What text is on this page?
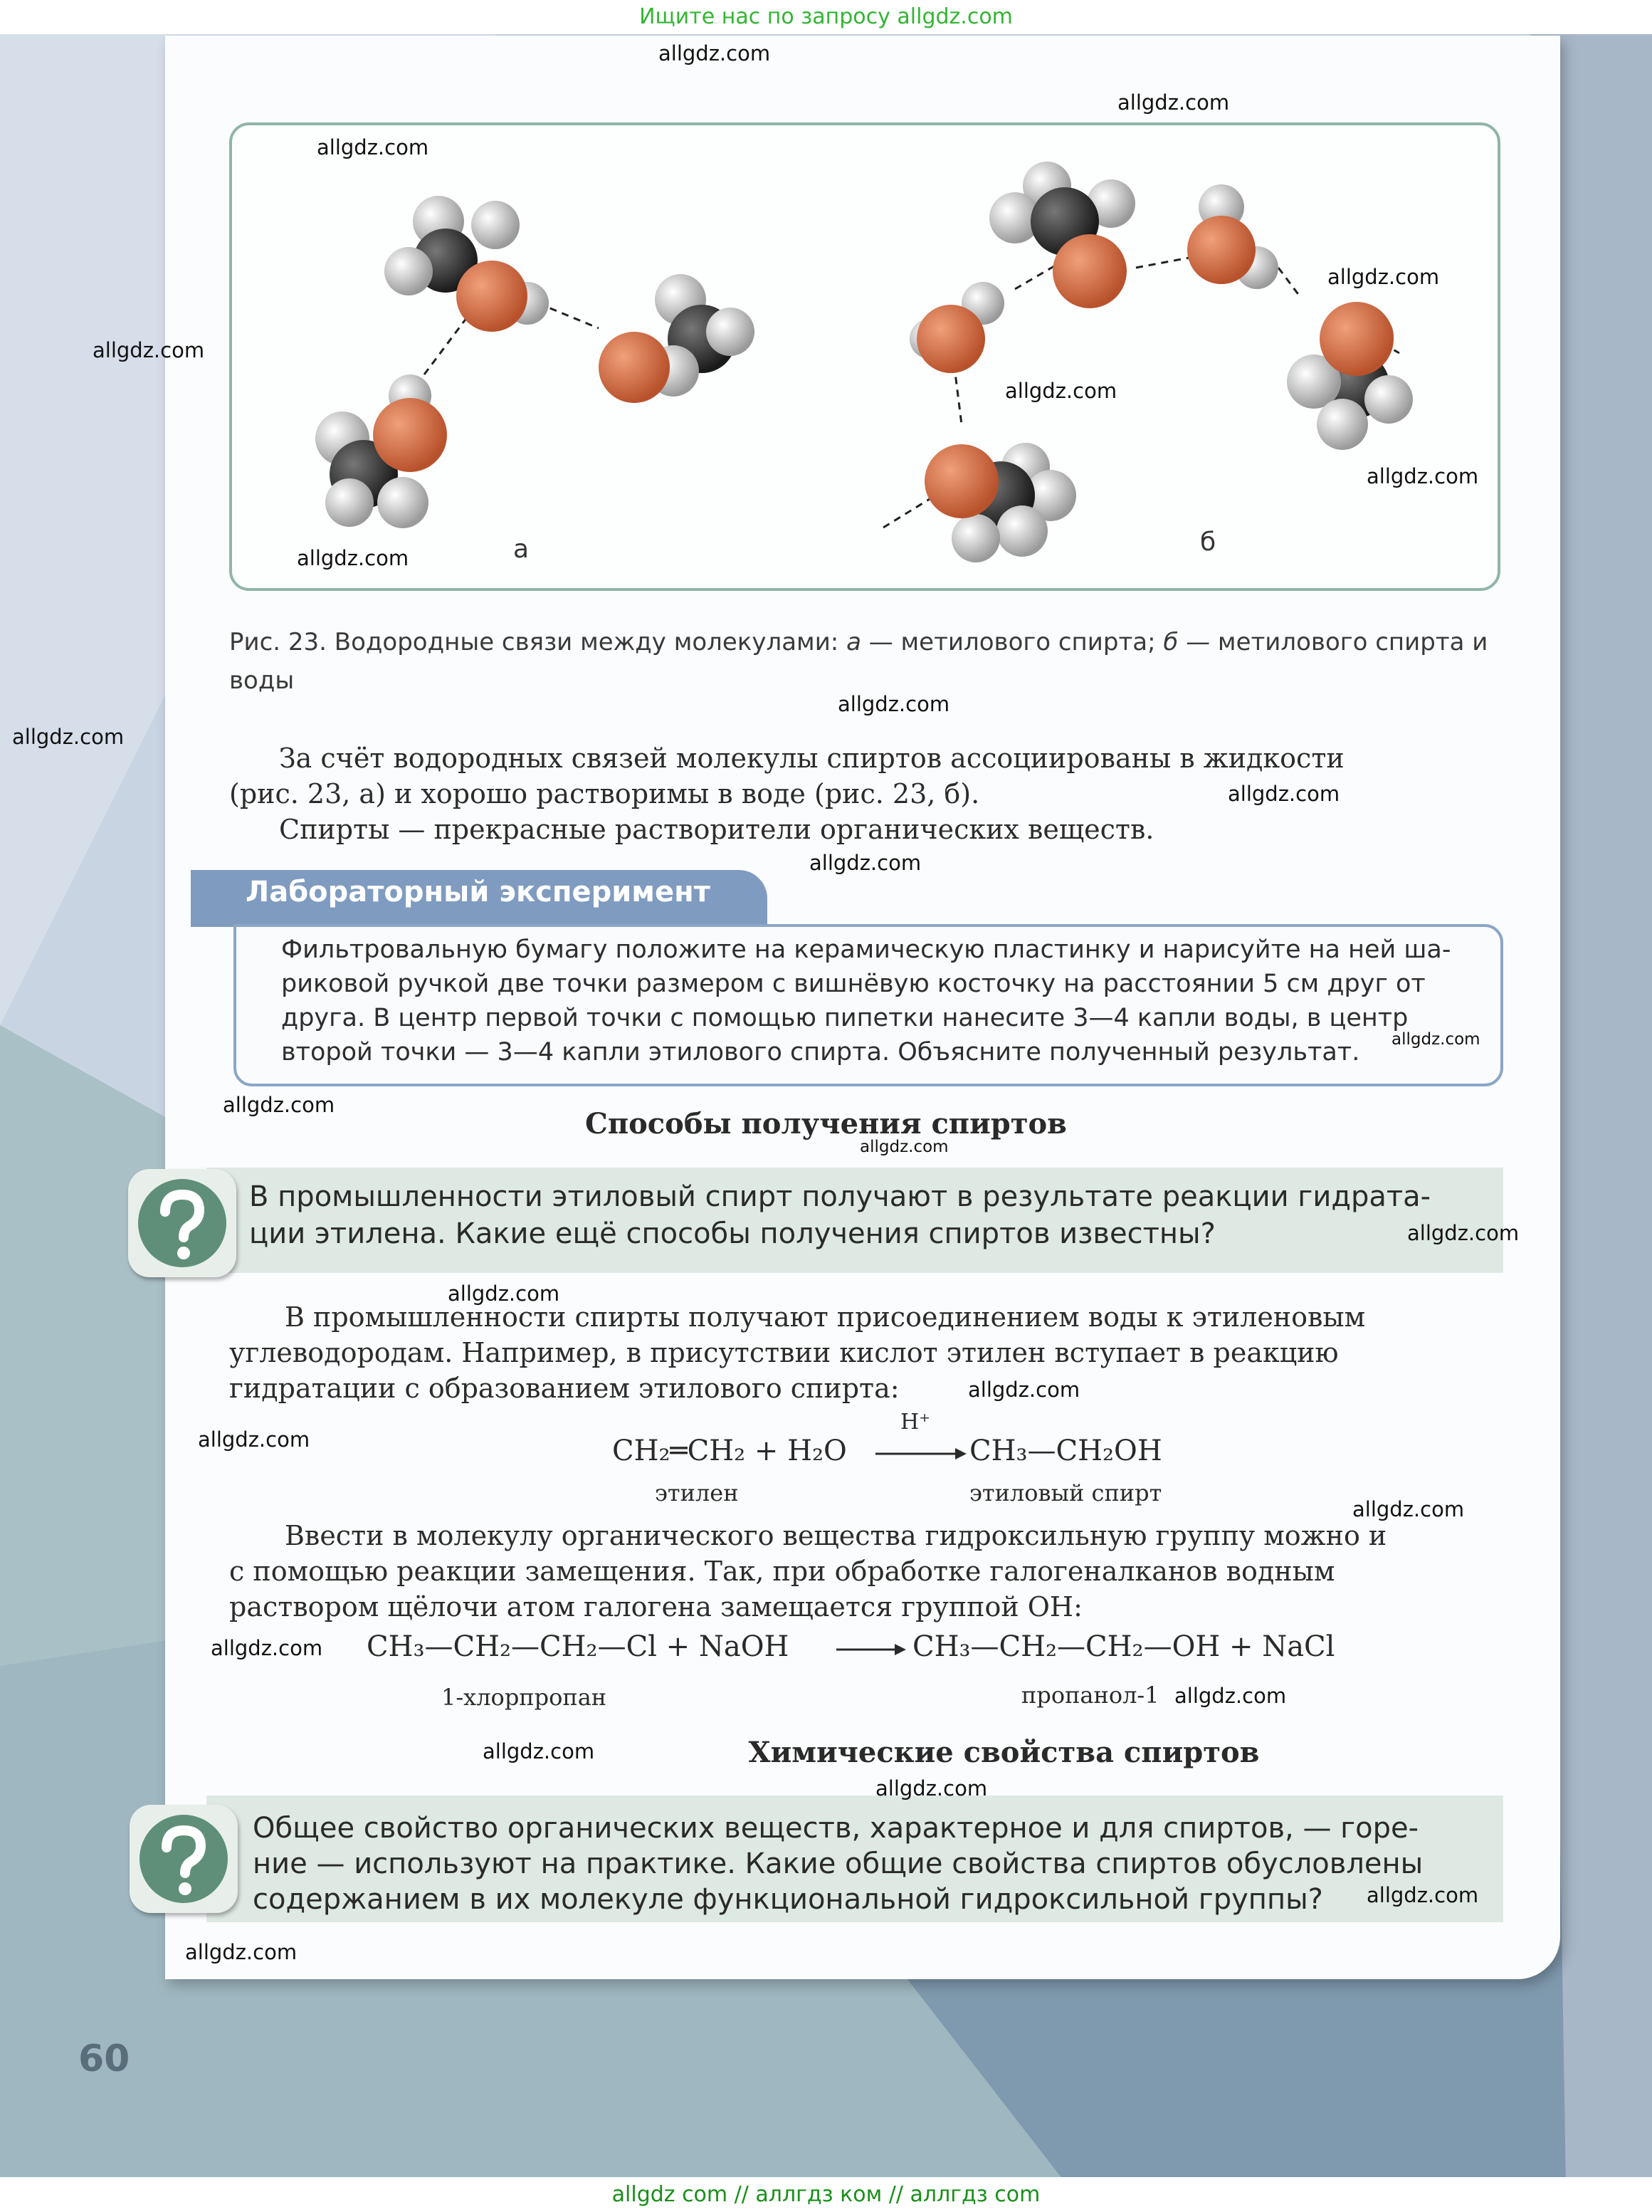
Ищите нас по запросу allgdz.com
а	б
Рис. 23. Водородные связи между молекулами: а — метилового спирта; б — метилового спирта и воды
За счёт водородных связей молекулы спиртов ассоциированы в жидкости

(рис. 23, а) и хорошо растворимы в воде (рис. 23, б).
Спирты — прекрасные растворители органических веществ.
Лабораторный эксперимент
Фильтровальную бумагу положите на керамическую пластинку и нарисуйте на ней ша-
риковой ручкой две точки размером с вишнёвую косточку на расстоянии 5 см друг от
друга. В центр первой точки с помощью пипетки нанесите 3—4 капли воды, в центр
второй точки — 3—4 капли этилового спирта. Объясните полученный результат.
Способы получения спиртов
В промышленности этиловый спирт получают в результате реакции гидрата-
ции этилена. Какие ещё способы получения спиртов известны?
В промышленности спирты получают присоединением воды к этиленовым
углеводородам. Например, в присутствии кислот этилен вступает в реакцию
гидратации с образованием этилового спирта:
CH₂═CH₂ + H₂O
H⁺
CH₃—CH₂OH
этилен	этиловый спирт
Ввести в молекулу органического вещества гидроксильную группу можно и
с помощью реакции замещения. Так, при обработке галогеналканов водным
раствором щёлочи атом галогена замещается группой OH:
CH₃—CH₂—CH₂—Cl + NaOH	CH₃—CH₂—CH₂—OH + NaCl
1-хлорпропан	пропанол-1
Химические свойства спиртов
Общее свойство органических веществ, характерное и для спиртов, — горе-
ние — используют на практике. Какие общие свойства спиртов обусловлены
содержанием в их молекуле функциональной гидроксильной группы?
60
allgdz.com
allgdz.com
allgdz.com
allgdz.com
allgdz.com
allgdz.com
allgdz.com
allgdz.com
allgdz.com
allgdz.com
allgdz.com
allgdz.com
allgdz.com
allgdz.com
allgdz.com
allgdz.com
allgdz.com
allgdz.com
allgdz.com
allgdz.com
allgdz.com
allgdz.com
allgdz.com
allgdz.com
allgdz.com
allgdz.com
allgdz com // аллгдз ком // аллгдз com
